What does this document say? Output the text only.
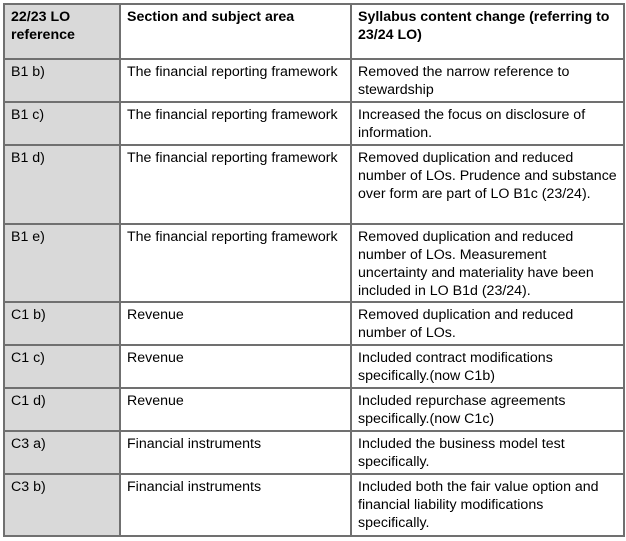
22/23 LO reference	Section and subject area	Syllabus content change (referring to 23/24 LO)
B1 b)	The financial reporting framework	Removed the narrow reference to stewardship
B1 c)	The financial reporting framework	Increased the focus on disclosure of information.
B1 d)	The financial reporting framework	Removed duplication and reduced number of LOs. Prudence and substance over form are part of LO B1c (23/24).
B1 e)	The financial reporting framework	Removed duplication and reduced number of LOs. Measurement uncertainty and materiality have been included in LO B1d (23/24).
C1 b)	Revenue	Removed duplication and reduced number of LOs.
C1 c)	Revenue	Included contract modifications specifically.(now C1b)
C1 d)	Revenue	Included repurchase agreements specifically.(now C1c)
C3 a)	Financial instruments	Included the business model test specifically.
C3 b)	Financial instruments	Included both the fair value option and financial liability modifications specifically.
